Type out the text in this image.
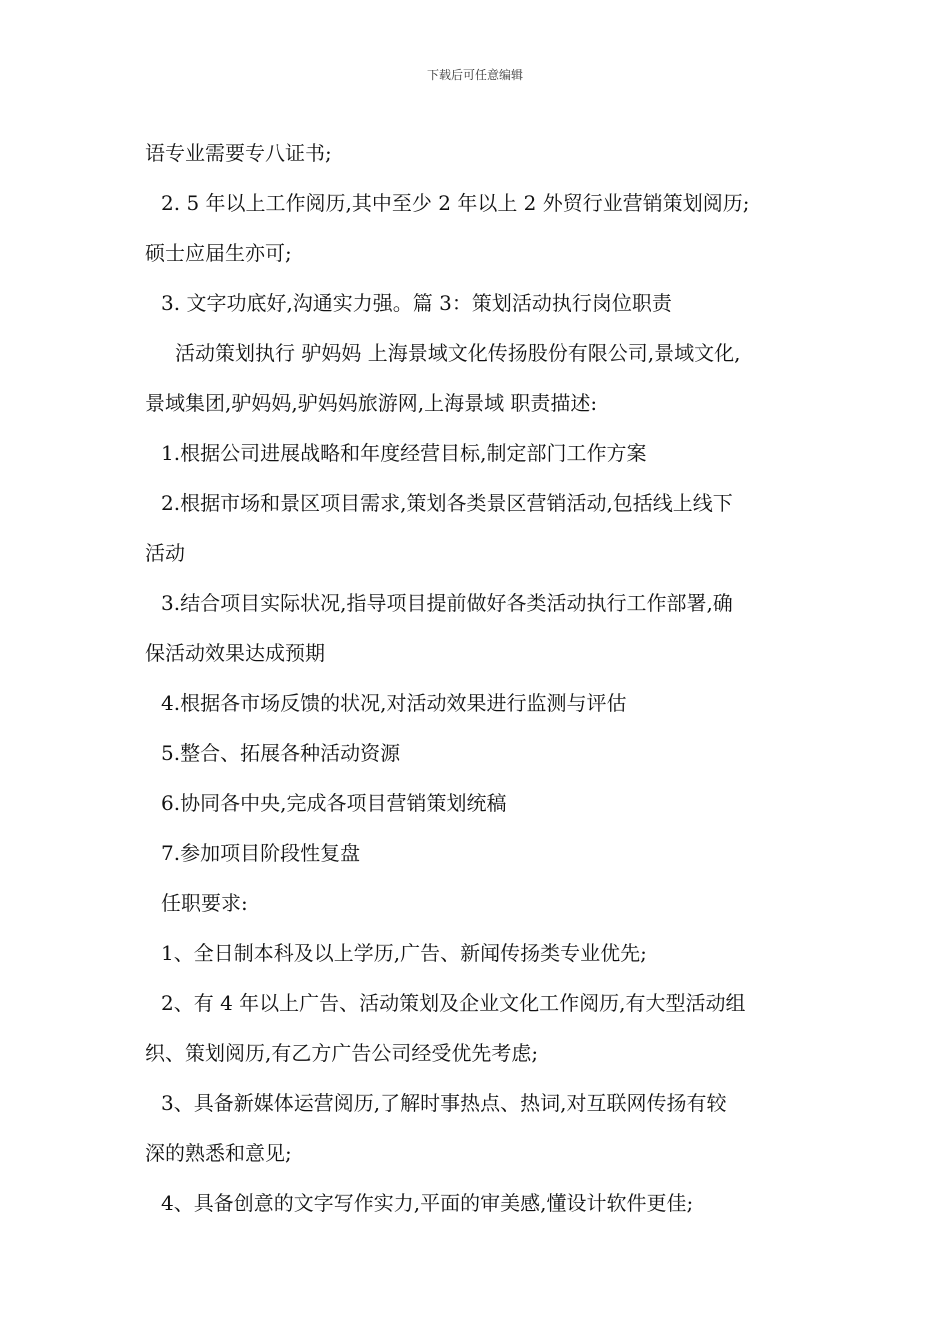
下载后可任意编辑
语专业需要专八证书;
2. 5 年以上工作阅历,其中至少 2 年以上 2 外贸行业营销策划阅历;
硕士应届生亦可;
3. 文字功底好,沟通实力强。篇 3：策划活动执行岗位职责
活动策划执行 驴妈妈 上海景域文化传扬股份有限公司,景域文化,
景域集团,驴妈妈,驴妈妈旅游网,上海景域 职责描述:
1.根据公司进展战略和年度经营目标,制定部门工作方案
2.根据市场和景区项目需求,策划各类景区营销活动,包括线上线下
活动
3.结合项目实际状况,指导项目提前做好各类活动执行工作部署,确
保活动效果达成预期
4.根据各市场反馈的状况,对活动效果进行监测与评估
5.整合、拓展各种活动资源
6.协同各中央,完成各项目营销策划统稿
7.参加项目阶段性复盘
任职要求:
1、全日制本科及以上学历,广告、新闻传扬类专业优先;
2、有 4 年以上广告、活动策划及企业文化工作阅历,有大型活动组
织、策划阅历,有乙方广告公司经受优先考虑;
3、具备新媒体运营阅历,了解时事热点、热词,对互联网传扬有较
深的熟悉和意见;
4、具备创意的文字写作实力,平面的审美感,懂设计软件更佳;
